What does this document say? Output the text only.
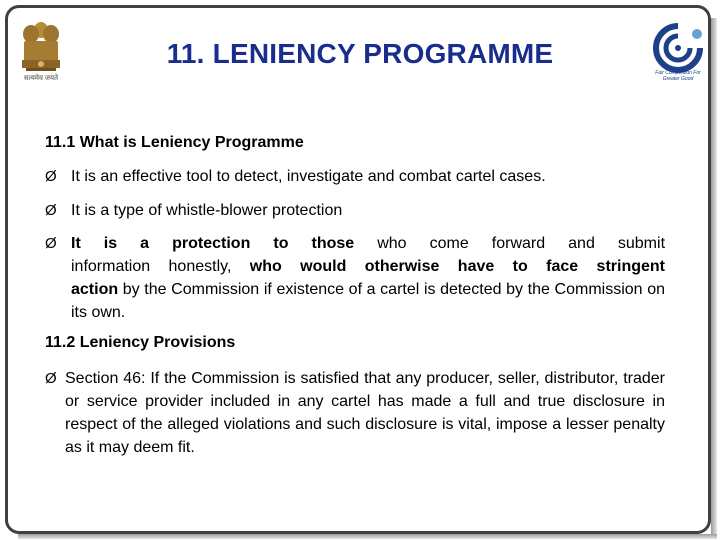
सत्यमेव जयते
Fair Competition For Greater Good
11. LENIENCY PROGRAMME
11.1 What is Leniency Programme
Ø It is an effective tool to detect, investigate and combat cartel cases.
Ø It is a type of whistle-blower protection
Ø It is a protection to those who come forward and submit
information honestly, who would otherwise have to face stringent
action by the Commission if existence of a cartel is detected by the Commission on its own.
11.2 Leniency Provisions
Ø Section 46: If the Commission is satisfied that any producer, seller, distributor, trader or service provider included in any cartel has made a full and true disclosure in respect of the alleged violations and such disclosure is vital, impose a lesser penalty as it may deem fit.
